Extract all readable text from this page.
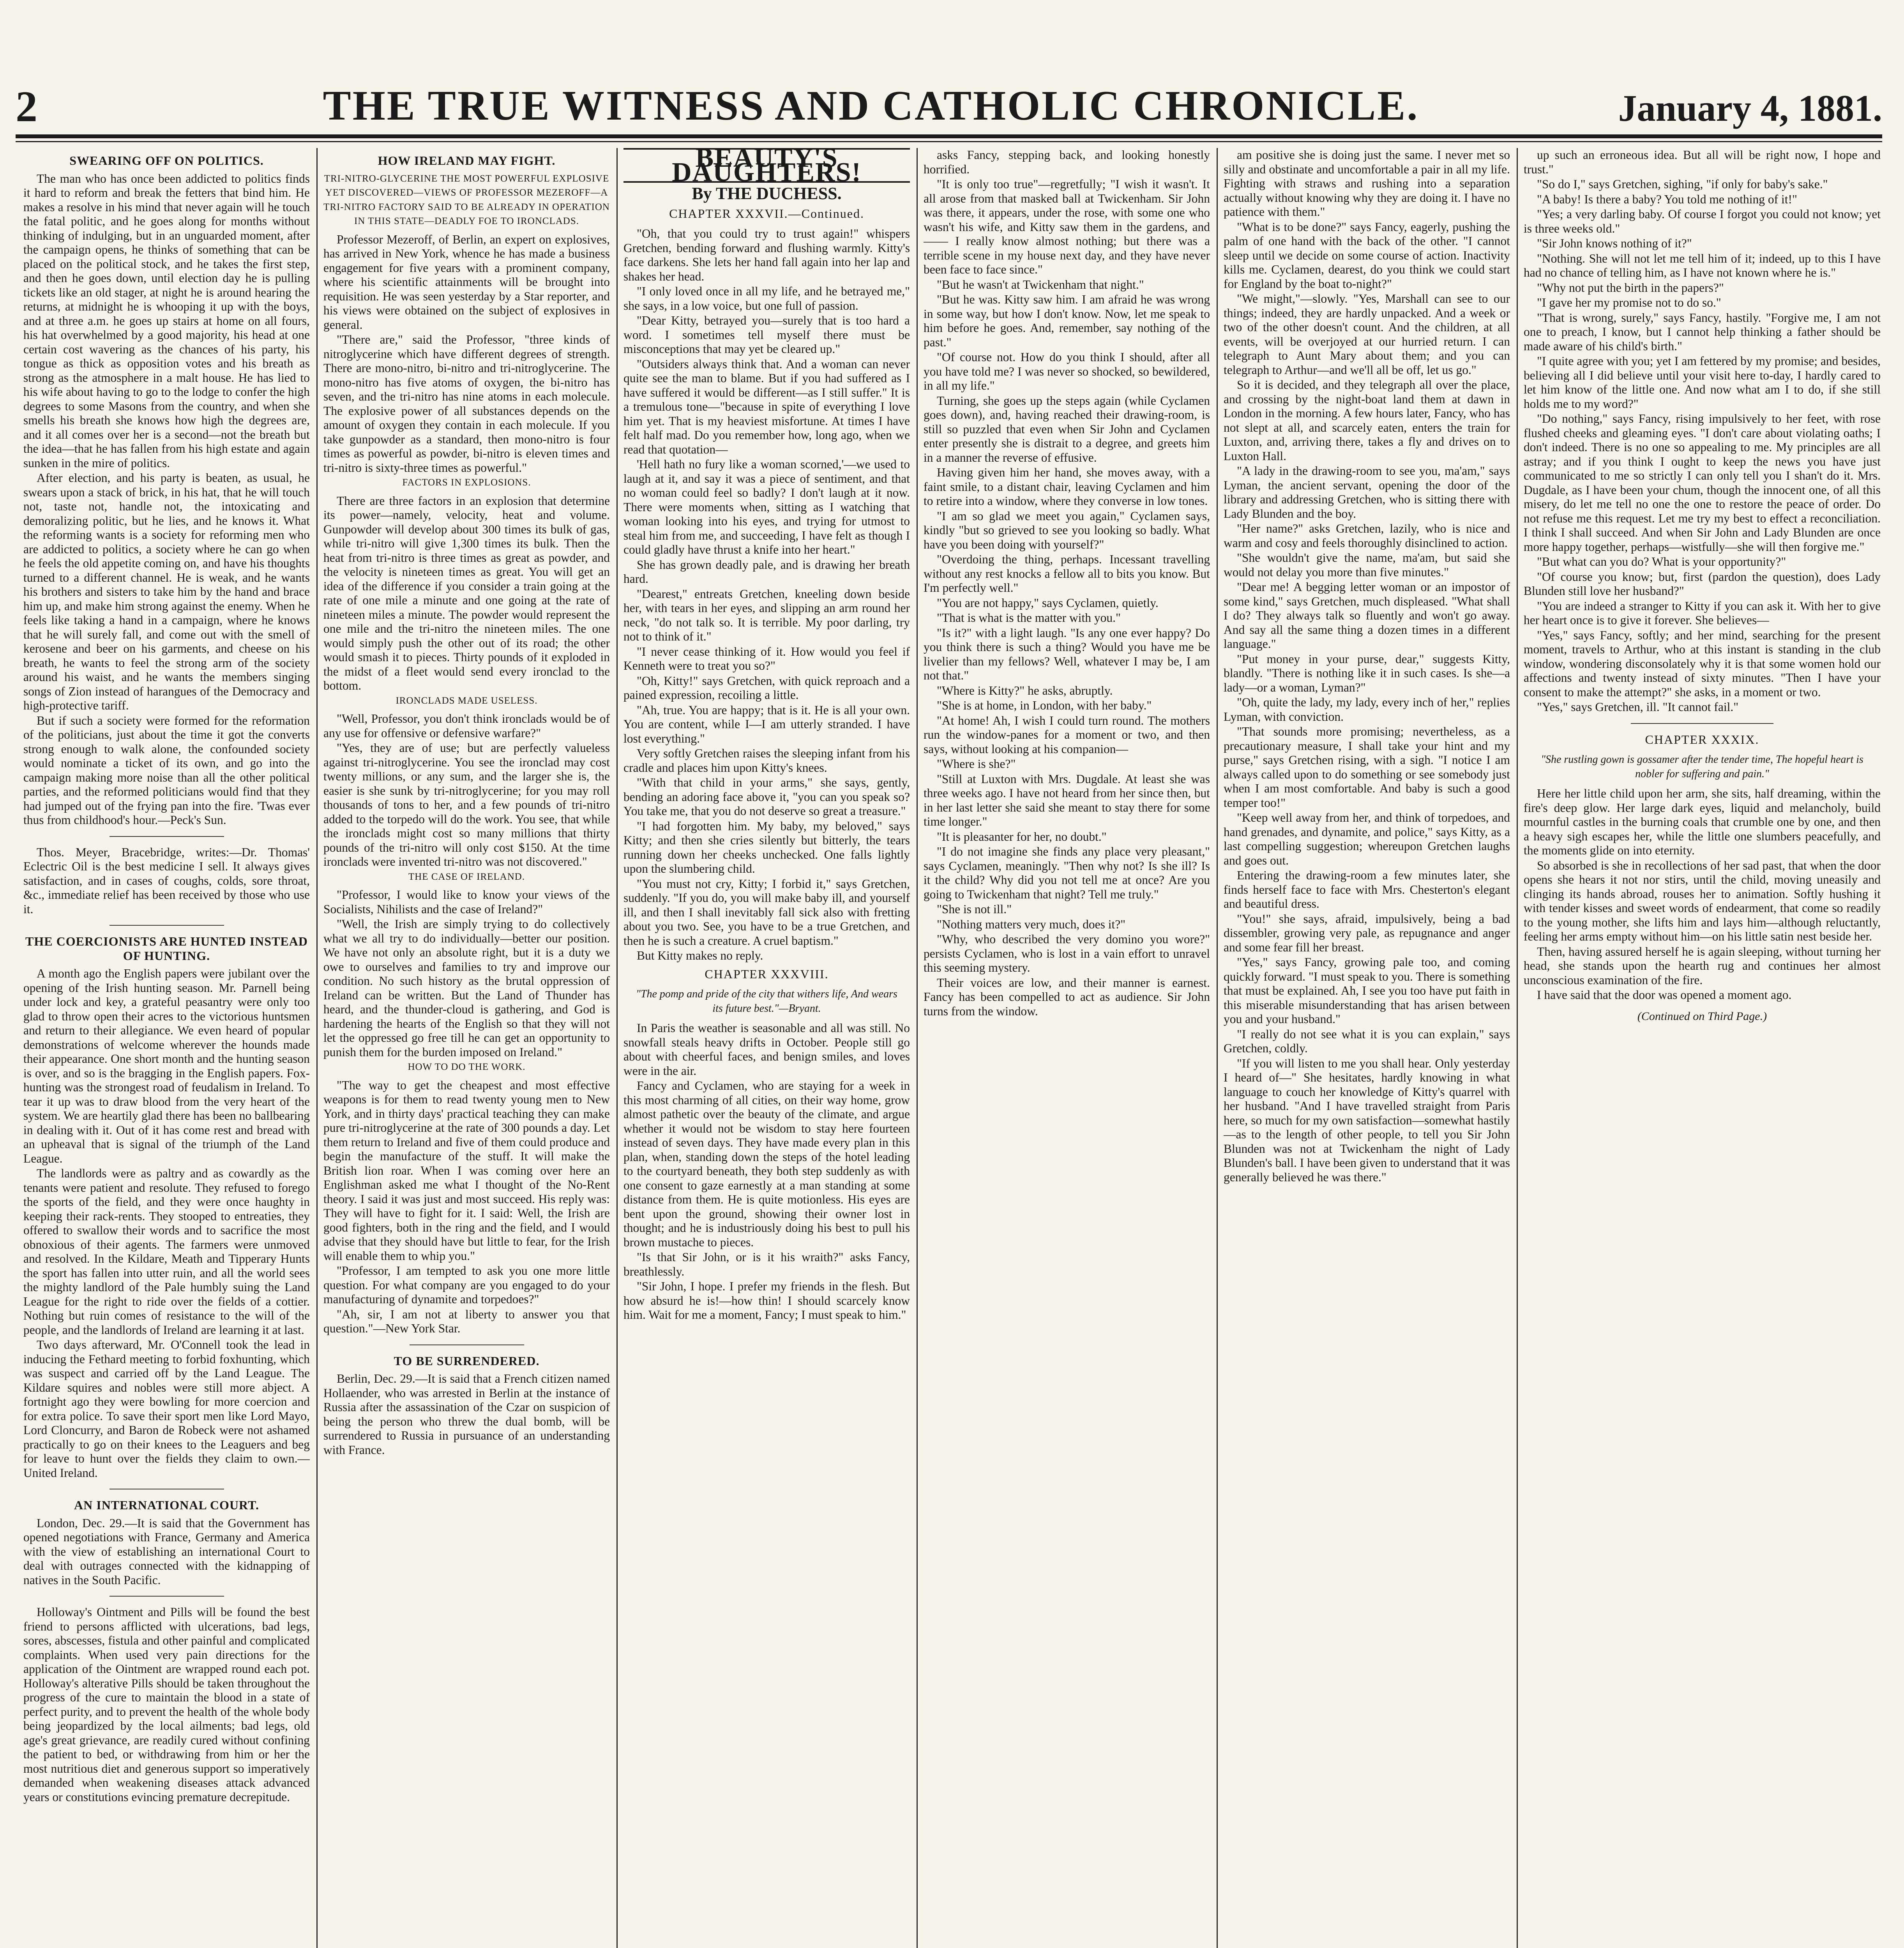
2	THE TRUE WITNESS AND CATHOLIC CHRONICLE.	January 4, 1881.
SWEARING OFF ON POLITICS.

The man who has once been addicted to politics finds it hard to reform and break the fetters that bind him. He makes a resolve in his mind that never again will he touch the fatal politic, and he goes along for months without thinking of indulging, but in an unguarded moment, after the campaign opens, he thinks of something that can be placed on the political stock, and he takes the first step, and then he goes down, until election day he is pulling tickets like an old stager, at night he is around hearing the returns, at midnight he is whooping it up with the boys, and at three a.m. he goes up stairs at home on all fours, his hat overwhelmed by a good majority, his head at one certain cost wavering as the chances of his party, his tongue as thick as opposition votes and his breath as strong as the atmosphere in a malt house. He has lied to his wife about having to go to the lodge to confer the high degrees to some Masons from the country, and when she smells his breath she knows how high the degrees are, and it all comes over her is a second—not the breath but the idea—that he has fallen from his high estate and again sunken in the mire of politics.

After election, and his party is beaten, as usual, he swears upon a stack of brick, in his hat, that he will touch not, taste not, handle not, the intoxicating and demoralizing politic, but he lies, and he knows it. What the reforming wants is a society for reforming men who are addicted to politics, a society where he can go when he feels the old appetite coming on, and have his thoughts turned to a different channel. He is weak, and he wants his brothers and sisters to take him by the hand and brace him up, and make him strong against the enemy. When he feels like taking a hand in a campaign, where he knows that he will surely fall, and come out with the smell of kerosene and beer on his garments, and cheese on his breath, he wants to feel the strong arm of the society around his waist, and he wants the members singing songs of Zion instead of harangues of the Democracy and high-protective tariff.

But if such a society were formed for the reformation of the politicians, just about the time it got the converts strong enough to walk alone, the confounded society would nominate a ticket of its own, and go into the campaign making more noise than all the other political parties, and the reformed politicians would find that they had jumped out of the frying pan into the fire. 'Twas ever thus from childhood's hour.—Peck's Sun.

Thos. Meyer, Bracebridge, writes:—Dr. Thomas' Eclectric Oil is the best medicine I sell. It always gives satisfaction, and in cases of coughs, colds, sore throat, &c., immediate relief has been received by those who use it.

THE COERCIONISTS ARE HUNTED INSTEAD OF HUNTING.

A month ago the English papers were jubilant over the opening of the Irish hunting season. Mr. Parnell being under lock and key, a grateful peasantry were only too glad to throw open their acres to the victorious huntsmen and return to their allegiance. We even heard of popular demonstrations of welcome wherever the hounds made their appearance. One short month and the hunting season is over, and so is the bragging in the English papers. Fox-hunting was the strongest road of feudalism in Ireland. To tear it up was to draw blood from the very heart of the system. We are heartily glad there has been no ballbearing in dealing with it. Out of it has come rest and bread with an upheaval that is signal of the triumph of the Land League.

The landlords were as paltry and as cowardly as the tenants were patient and resolute. They refused to forego the sports of the field, and they were once haughty in keeping their rack-rents. They stooped to entreaties, they offered to swallow their words and to sacrifice the most obnoxious of their agents. The farmers were unmoved and resolved. In the Kildare, Meath and Tipperary Hunts the sport has fallen into utter ruin, and all the world sees the mighty landlord of the Pale humbly suing the Land League for the right to ride over the fields of a cottier. Nothing but ruin comes of resistance to the will of the people, and the landlords of Ireland are learning it at last.

Two days afterward, Mr. O'Connell took the lead in inducing the Fethard meeting to forbid foxhunting, which was suspect and carried off by the Land League. The Kildare squires and nobles were still more abject. A fortnight ago they were bowling for more coercion and for extra police. To save their sport men like Lord Mayo, Lord Cloncurry, and Baron de Robeck were not ashamed practically to go on their knees to the Leaguers and beg for leave to hunt over the fields they claim to own.—United Ireland.

AN INTERNATIONAL COURT.

London, Dec. 29.—It is said that the Government has opened negotiations with France, Germany and America with the view of establishing an international Court to deal with outrages connected with the kidnapping of natives in the South Pacific.

Holloway's Ointment and Pills will be found the best friend to persons afflicted with ulcerations, bad legs, sores, abscesses, fistula and other painful and complicated complaints. When used very pain directions for the application of the Ointment are wrapped round each pot. Holloway's alterative Pills should be taken throughout the progress of the cure to maintain the blood in a state of perfect purity, and to prevent the health of the whole body being jeopardized by the local ailments; bad legs, old age's great grievance, are readily cured without confining the patient to bed, or withdrawing from him or her the most nutritious diet and generous support so imperatively demanded when weakening diseases attack advanced years or constitutions evincing premature decrepitude.

HOW IRELAND MAY FIGHT.
TRI-NITRO-GLYCERINE THE MOST POWERFUL EXPLOSIVE YET DISCOVERED—VIEWS OF PROFESSOR MEZEROFF—A TRI-NITRO FACTORY SAID TO BE ALREADY IN OPERATION IN THIS STATE—DEADLY FOE TO IRONCLADS.

Professor Mezeroff, of Berlin, an expert on explosives, has arrived in New York, whence he has made a business engagement for five years with a prominent company, where his scientific attainments will be brought into requisition. He was seen yesterday by a Star reporter, and his views were obtained on the subject of explosives in general.

"There are," said the Professor, "three kinds of nitroglycerine which have different degrees of strength. There are mono-nitro, bi-nitro and tri-nitroglycerine. The mono-nitro has five atoms of oxygen, the bi-nitro has seven, and the tri-nitro has nine atoms in each molecule. The explosive power of all substances depends on the amount of oxygen they contain in each molecule. If you take gunpowder as a standard, then mono-nitro is four times as powerful as powder, bi-nitro is eleven times and tri-nitro is sixty-three times as powerful."

FACTORS IN EXPLOSIONS.

There are three factors in an explosion that determine its power—namely, velocity, heat and volume. Gunpowder will develop about 300 times its bulk of gas, while tri-nitro will give 1,300 times its bulk. Then the heat from tri-nitro is three times as great as powder, and the velocity is nineteen times as great. You will get an idea of the difference if you consider a train going at the rate of one mile a minute and one going at the rate of nineteen miles a minute. The powder would represent the one mile and the tri-nitro the nineteen miles. The one would simply push the other out of its road; the other would smash it to pieces. Thirty pounds of it exploded in the midst of a fleet would send every ironclad to the bottom.

IRONCLADS MADE USELESS.

"Well, Professor, you don't think ironclads would be of any use for offensive or defensive warfare?"

"Yes, they are of use; but are perfectly valueless against tri-nitroglycerine. You see the ironclad may cost twenty millions, or any sum, and the larger she is, the easier is she sunk by tri-nitroglycerine; for you may roll thousands of tons to her, and a few pounds of tri-nitro added to the torpedo will do the work. You see, that while the ironclads might cost so many millions that thirty pounds of the tri-nitro will only cost $150. At the time ironclads were invented tri-nitro was not discovered."

THE CASE OF IRELAND.

"Professor, I would like to know your views of the Socialists, Nihilists and the case of Ireland?"

"Well, the Irish are simply trying to do collectively what we all try to do individually—better our position. We have not only an absolute right, but it is a duty we owe to ourselves and families to try and improve our condition. No such history as the brutal oppression of Ireland can be written. But the Land of Thunder has heard, and the thunder-cloud is gathering, and God is hardening the hearts of the English so that they will not let the oppressed go free till he can get an opportunity to punish them for the burden imposed on Ireland."

HOW TO DO THE WORK.

"The way to get the cheapest and most effective weapons is for them to read twenty young men to New York, and in thirty days' practical teaching they can make pure tri-nitroglycerine at the rate of 300 pounds a day. Let them return to Ireland and five of them could produce and begin the manufacture of the stuff. It will make the British lion roar. When I was coming over here an Englishman asked me what I thought of the No-Rent theory. I said it was just and most succeed. His reply was: They will have to fight for it. I said: Well, the Irish are good fighters, both in the ring and the field, and I would advise that they should have but little to fear, for the Irish will enable them to whip you."

"Professor, I am tempted to ask you one more little question. For what company are you engaged to do your manufacturing of dynamite and torpedoes?"

"Ah, sir, I am not at liberty to answer you that question."—New York Star.

TO BE SURRENDERED.

Berlin, Dec. 29.—It is said that a French citizen named Hollaender, who was arrested in Berlin at the instance of Russia after the assassination of the Czar on suspicion of being the person who threw the dual bomb, will be surrendered to Russia in pursuance of an understanding with France.

BEAUTY'S DAUGHTERS!
By THE DUCHESS.
CHAPTER XXXVII.—Continued.

"Oh, that you could try to trust again!" whispers Gretchen, bending forward and flushing warmly. Kitty's face darkens. She lets her hand fall again into her lap and shakes her head.

"I only loved once in all my life, and he betrayed me," she says, in a low voice, but one full of passion.

"Dear Kitty, betrayed you—surely that is too hard a word. I sometimes tell myself there must be misconceptions that may yet be cleared up."

"Outsiders always think that. And a woman can never quite see the man to blame. But if you had suffered as I have suffered it would be different—as I still suffer." It is a tremulous tone—"because in spite of everything I love him yet. That is my heaviest misfortune. At times I have felt half mad. Do you remember how, long ago, when we read that quotation—

'Hell hath no fury like a woman scorned,'—we used to laugh at it, and say it was a piece of sentiment, and that no woman could feel so badly? I don't laugh at it now. There were moments when, sitting as I watching that woman looking into his eyes, and trying for utmost to steal him from me, and succeeding, I have felt as though I could gladly have thrust a knife into her heart."

She has grown deadly pale, and is drawing her breath hard.

"Dearest," entreats Gretchen, kneeling down beside her, with tears in her eyes, and slipping an arm round her neck, "do not talk so. It is terrible. My poor darling, try not to think of it."

"I never cease thinking of it. How would you feel if Kenneth were to treat you so?"

"Oh, Kitty!" says Gretchen, with quick reproach and a pained expression, recoiling a little.

"Ah, true. You are happy; that is it. He is all your own. You are content, while I—I am utterly stranded. I have lost everything."

Very softly Gretchen raises the sleeping infant from his cradle and places him upon Kitty's knees.

"With that child in your arms," she says, gently, bending an adoring face above it, "you can you speak so? You take me, that you do not deserve so great a treasure."

"I had forgotten him. My baby, my beloved," says Kitty; and then she cries silently but bitterly, the tears running down her cheeks unchecked. One falls lightly upon the slumbering child.

"You must not cry, Kitty; I forbid it," says Gretchen, suddenly. "If you do, you will make baby ill, and yourself ill, and then I shall inevitably fall sick also with fretting about you two. See, you have to be a true Gretchen, and then he is such a creature. A cruel baptism."

But Kitty makes no reply.

CHAPTER XXXVIII.
"The pomp and pride of the city that withers life, And wears its future best."—Bryant.

In Paris the weather is seasonable and all was still. No snowfall steals heavy drifts in October. People still go about with cheerful faces, and benign smiles, and loves were in the air.

Fancy and Cyclamen, who are staying for a week in this most charming of all cities, on their way home, grow almost pathetic over the beauty of the climate, and argue whether it would not be wisdom to stay here fourteen instead of seven days. They have made every plan in this plan, when, standing down the steps of the hotel leading to the courtyard beneath, they both step suddenly as with one consent to gaze earnestly at a man standing at some distance from them. He is quite motionless. His eyes are bent upon the ground, showing their owner lost in thought; and he is industriously doing his best to pull his brown mustache to pieces.

"Is that Sir John, or is it his wraith?" asks Fancy, breathlessly.

"Sir John, I hope. I prefer my friends in the flesh. But how absurd he is!—how thin! I should scarcely know him. Wait for me a moment, Fancy; I must speak to him."

asks Fancy, stepping back, and looking honestly horrified.

"It is only too true"—regretfully; "I wish it wasn't. It all arose from that masked ball at Twickenham. Sir John was there, it appears, under the rose, with some one who wasn't his wife, and Kitty saw them in the gardens, and—— I really know almost nothing; but there was a terrible scene in my house next day, and they have never been face to face since."

"But he wasn't at Twickenham that night."

"But he was. Kitty saw him. I am afraid he was wrong in some way, but how I don't know. Now, let me speak to him before he goes. And, remember, say nothing of the past."

"Of course not. How do you think I should, after all you have told me? I was never so shocked, so bewildered, in all my life."

Turning, she goes up the steps again (while Cyclamen goes down), and, having reached their drawing-room, is still so puzzled that even when Sir John and Cyclamen enter presently she is distrait to a degree, and greets him in a manner the reverse of effusive.

Having given him her hand, she moves away, with a faint smile, to a distant chair, leaving Cyclamen and him to retire into a window, where they converse in low tones.

"I am so glad we meet you again," Cyclamen says, kindly "but so grieved to see you looking so badly. What have you been doing with yourself?"

"Overdoing the thing, perhaps. Incessant travelling without any rest knocks a fellow all to bits you know. But I'm perfectly well."

"You are not happy," says Cyclamen, quietly.

"That is what is the matter with you."

"Is it?" with a light laugh. "Is any one ever happy? Do you think there is such a thing? Would you have me be livelier than my fellows? Well, whatever I may be, I am not that."

"Where is Kitty?" he asks, abruptly.

"She is at home, in London, with her baby."

"At home! Ah, I wish I could turn round. The mothers run the window-panes for a moment or two, and then says, without looking at his companion—

"Where is she?"

"Still at Luxton with Mrs. Dugdale. At least she was three weeks ago. I have not heard from her since then, but in her last letter she said she meant to stay there for some time longer."

"It is pleasanter for her, no doubt."

"I do not imagine she finds any place very pleasant," says Cyclamen, meaningly. "Then why not? Is she ill? Is it the child? Why did you not tell me at once? Are you going to Twickenham that night? Tell me truly."

"She is not ill."

"Nothing matters very much, does it?"

"Why, who described the very domino you wore?" persists Cyclamen, who is lost in a vain effort to unravel this seeming mystery.

Their voices are low, and their manner is earnest. Fancy has been compelled to act as audience. Sir John turns from the window.

am positive she is doing just the same. I never met so silly and obstinate and uncomfortable a pair in all my life. Fighting with straws and rushing into a separation actually without knowing why they are doing it. I have no patience with them."

"What is to be done?" says Fancy, eagerly, pushing the palm of one hand with the back of the other. "I cannot sleep until we decide on some course of action. Inactivity kills me. Cyclamen, dearest, do you think we could start for England by the boat to-night?"

"We might,"—slowly. "Yes, Marshall can see to our things; indeed, they are hardly unpacked. And a week or two of the other doesn't count. And the children, at all events, will be overjoyed at our hurried return. I can telegraph to Aunt Mary about them; and you can telegraph to Arthur—and we'll all be off, let us go."

So it is decided, and they telegraph all over the place, and crossing by the night-boat land them at dawn in London in the morning. A few hours later, Fancy, who has not slept at all, and scarcely eaten, enters the train for Luxton, and, arriving there, takes a fly and drives on to Luxton Hall.

"A lady in the drawing-room to see you, ma'am," says Lyman, the ancient servant, opening the door of the library and addressing Gretchen, who is sitting there with Lady Blunden and the boy.

"Her name?" asks Gretchen, lazily, who is nice and warm and cosy and feels thoroughly disinclined to action.

"She wouldn't give the name, ma'am, but said she would not delay you more than five minutes."

"Dear me! A begging letter woman or an impostor of some kind," says Gretchen, much displeased. "What shall I do? They always talk so fluently and won't go away. And say all the same thing a dozen times in a different language."

"Put money in your purse, dear," suggests Kitty, blandly. "There is nothing like it in such cases. Is she—a lady—or a woman, Lyman?"

"Oh, quite the lady, my lady, every inch of her," replies Lyman, with conviction.

"That sounds more promising; nevertheless, as a precautionary measure, I shall take your hint and my purse," says Gretchen rising, with a sigh. "I notice I am always called upon to do something or see somebody just when I am most comfortable. And baby is such a good temper too!"

"Keep well away from her, and think of torpedoes, and hand grenades, and dynamite, and police," says Kitty, as a last compelling suggestion; whereupon Gretchen laughs and goes out.

Entering the drawing-room a few minutes later, she finds herself face to face with Mrs. Chesterton's elegant and beautiful dress.

"You!" she says, afraid, impulsively, being a bad dissembler, growing very pale, as repugnance and anger and some fear fill her breast.

"Yes," says Fancy, growing pale too, and coming quickly forward. "I must speak to you. There is something that must be explained. Ah, I see you too have put faith in this miserable misunderstanding that has arisen between you and your husband."

"I really do not see what it is you can explain," says Gretchen, coldly.

"If you will listen to me you shall hear. Only yesterday I heard of—" She hesitates, hardly knowing in what language to couch her knowledge of Kitty's quarrel with her husband. "And I have travelled straight from Paris here, so much for my own satisfaction—somewhat hastily—as to the length of other people, to tell you Sir John Blunden was not at Twickenham the night of Lady Blunden's ball. I have been given to understand that it was generally believed he was there."

up such an erroneous idea. But all will be right now, I hope and trust."

"So do I," says Gretchen, sighing, "if only for baby's sake."

"A baby! Is there a baby? You told me nothing of it!"

"Yes; a very darling baby. Of course I forgot you could not know; yet is three weeks old."

"Sir John knows nothing of it?"

"Nothing. She will not let me tell him of it; indeed, up to this I have had no chance of telling him, as I have not known where he is."

"Why not put the birth in the papers?"

"I gave her my promise not to do so."

"That is wrong, surely," says Fancy, hastily. "Forgive me, I am not one to preach, I know, but I cannot help thinking a father should be made aware of his child's birth."

"I quite agree with you; yet I am fettered by my promise; and besides, believing all I did believe until your visit here to-day, I hardly cared to let him know of the little one. And now what am I to do, if she still holds me to my word?"

"Do nothing," says Fancy, rising impulsively to her feet, with rose flushed cheeks and gleaming eyes. "I don't care about violating oaths; I don't indeed. There is no one so appealing to me. My principles are all astray; and if you think I ought to keep the news you have just communicated to me so strictly I can only tell you I shan't do it. Mrs. Dugdale, as I have been your chum, though the innocent one, of all this misery, do let me tell no one the one to restore the peace of order. Do not refuse me this request. Let me try my best to effect a reconciliation. I think I shall succeed. And when Sir John and Lady Blunden are once more happy together, perhaps—wistfully—she will then forgive me."

"But what can you do? What is your opportunity?"

"Of course you know; but, first (pardon the question), does Lady Blunden still love her husband?"

"You are indeed a stranger to Kitty if you can ask it. With her to give her heart once is to give it forever. She believes—

"Yes," says Fancy, softly; and her mind, searching for the present moment, travels to Arthur, who at this instant is standing in the club window, wondering disconsolately why it is that some women hold our affections and twenty instead of sixty minutes. "Then I have your consent to make the attempt?" she asks, in a moment or two.

"Yes," says Gretchen, ill. "It cannot fail."

CHAPTER XXXIX.
"She rustling gown is gossamer after the tender time, The hopeful heart is nobler for suffering and pain."

Here her little child upon her arm, she sits, half dreaming, within the fire's deep glow. Her large dark eyes, liquid and melancholy, build mournful castles in the burning coals that crumble one by one, and then a heavy sigh escapes her, while the little one slumbers peacefully, and the moments glide on into eternity.

So absorbed is she in recollections of her sad past, that when the door opens she hears it not nor stirs, until the child, moving uneasily and clinging its hands abroad, rouses her to animation. Softly hushing it with tender kisses and sweet words of endearment, that come so readily to the young mother, she lifts him and lays him—although reluctantly, feeling her arms empty without him—on his little satin nest beside her.

Then, having assured herself he is again sleeping, without turning her head, she stands upon the hearth rug and continues her almost unconscious examination of the fire.

I have said that the door was opened a moment ago.

(Continued on Third Page.)
